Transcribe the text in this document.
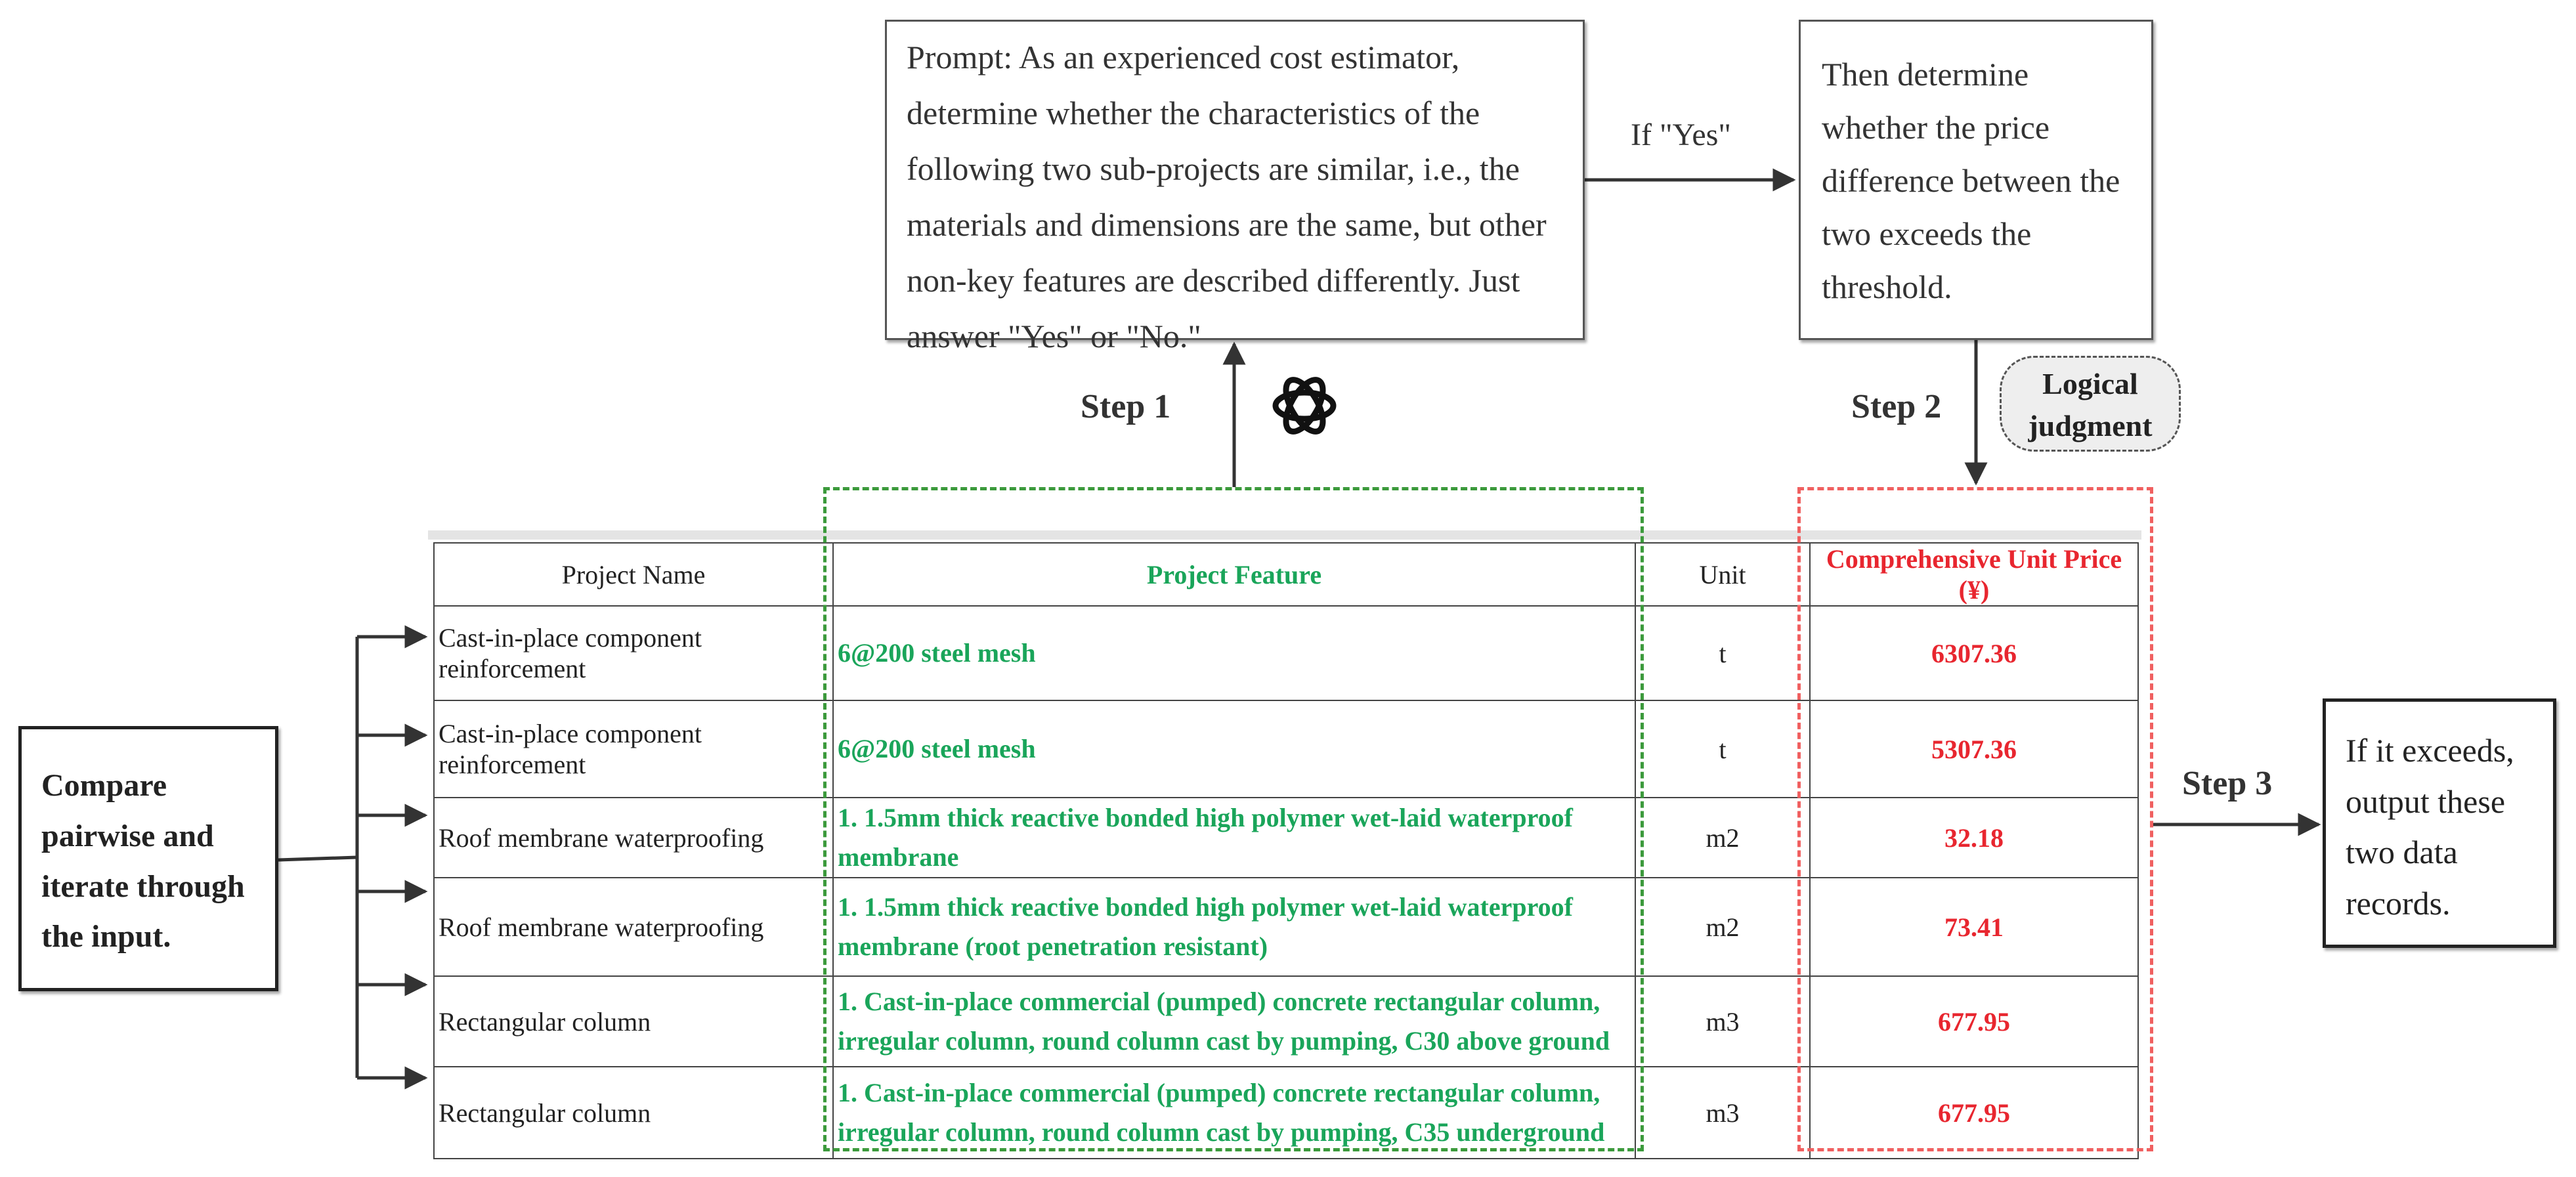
Prompt: As an experienced cost estimator, determine whether the characteristics of the following two sub-projects are similar, i.e., the materials and dimensions are the same, but other non-key features are described differently. Just answer "Yes" or "No."
If "Yes"
Then determine whether the price difference between the two exceeds the threshold.
Step 1	Step 2
Step 3
Logical judgment
Compare pairwise and iterate through the input.
If it exceeds, output these two data records.
Project Name	Project Feature	Unit	Comprehensive Unit Price (¥)
Cast-in-place component reinforcement	6@200 steel mesh	t	6307.36
Cast-in-place component reinforcement	6@200 steel mesh	t	5307.36
Roof membrane waterproofing	1. 1.5mm thick reactive bonded high polymer wet-laid waterproof membrane	m2	32.18
Roof membrane waterproofing	1. 1.5mm thick reactive bonded high polymer wet-laid waterproof membrane (root penetration resistant)	m2	73.41
Rectangular column	1. Cast-in-place commercial (pumped) concrete rectangular column, irregular column, round column cast by pumping, C30 above ground	m3	677.95
Rectangular column	1. Cast-in-place commercial (pumped) concrete rectangular column, irregular column, round column cast by pumping, C35 underground	m3	677.95
